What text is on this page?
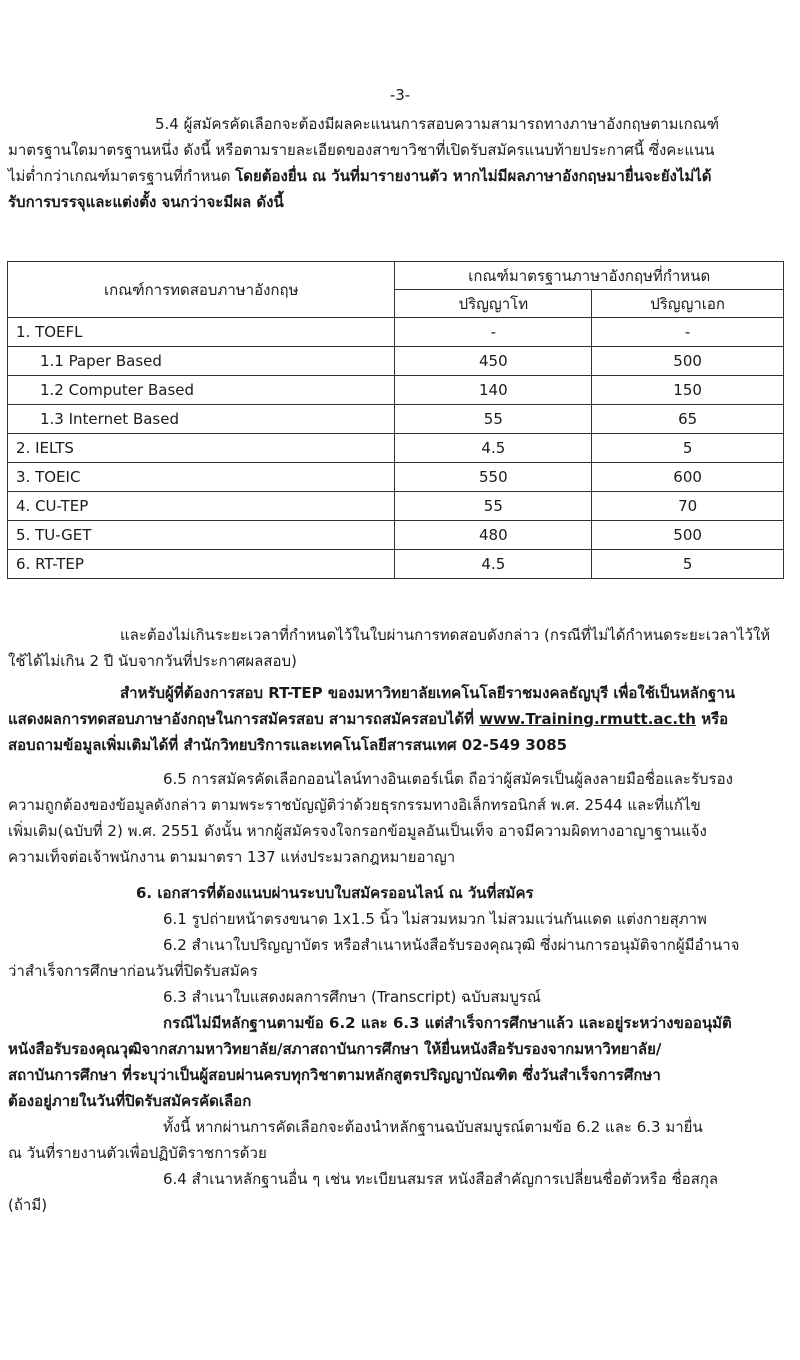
-3-
5.4 ผู้สมัครคัดเลือกจะต้องมีผลคะแนนการสอบความสามารถทางภาษาอังกฤษตามเกณฑ์
มาตรฐานใดมาตรฐานหนึ่ง ดังนี้ หรือตามรายละเอียดของสาขาวิชาที่เปิดรับสมัครแนบท้ายประกาศนี้ ซึ่งคะแนน
ไม่ต่ำกว่าเกณฑ์มาตรฐานที่กำหนด โดยต้องยื่น ณ วันที่มารายงานตัว หากไม่มีผลภาษาอังกฤษมายื่นจะยังไม่ได้
รับการบรรจุและแต่งตั้ง จนกว่าจะมีผล ดังนี้
เกณฑ์การทดสอบภาษาอังกฤษ	เกณฑ์มาตรฐานภาษาอังกฤษที่กำหนด	
	ปริญญาโท	ปริญญาเอก
1. TOEFL	-	-
1.1 Paper Based	450	500
1.2 Computer Based	140	150
1.3 Internet Based	55	65
2. IELTS	4.5	5
3. TOEIC	550	600
4. CU-TEP	55	70
5. TU-GET	480	500
6. RT-TEP	4.5	5
และต้องไม่เกินระยะเวลาที่กำหนดไว้ในใบผ่านการทดสอบดังกล่าว (กรณีที่ไม่ได้กำหนดระยะเวลาไว้ให้
ใช้ได้ไม่เกิน 2 ปี นับจากวันที่ประกาศผลสอบ)
สำหรับผู้ที่ต้องการสอบ RT-TEP ของมหาวิทยาลัยเทคโนโลยีราชมงคลธัญบุรี เพื่อใช้เป็นหลักฐาน
แสดงผลการทดสอบภาษาอังกฤษในการสมัครสอบ สามารถสมัครสอบได้ที่ www.Training.rmutt.ac.th หรือ
สอบถามข้อมูลเพิ่มเติมได้ที่ สำนักวิทยบริการและเทคโนโลยีสารสนเทศ 02-549 3085
6.5 การสมัครคัดเลือกออนไลน์ทางอินเตอร์เน็ต ถือว่าผู้สมัครเป็นผู้ลงลายมือชื่อและรับรอง
ความถูกต้องของข้อมูลดังกล่าว ตามพระราชบัญญัติว่าด้วยธุรกรรมทางอิเล็กทรอนิกส์ พ.ศ. 2544 และที่แก้ไข
เพิ่มเติม(ฉบับที่ 2) พ.ศ. 2551 ดังนั้น หากผู้สมัครจงใจกรอกข้อมูลอันเป็นเท็จ อาจมีความผิดทางอาญาฐานแจ้ง
ความเท็จต่อเจ้าพนักงาน ตามมาตรา 137 แห่งประมวลกฎหมายอาญา
6. เอกสารที่ต้องแนบผ่านระบบใบสมัครออนไลน์ ณ วันที่สมัคร
6.1 รูปถ่ายหน้าตรงขนาด 1x1.5 นิ้ว ไม่สวมหมวก ไม่สวมแว่นกันแดด แต่งกายสุภาพ
6.2 สำเนาใบปริญญาบัตร หรือสำเนาหนังสือรับรองคุณวุฒิ ซึ่งผ่านการอนุมัติจากผู้มีอำนาจ
ว่าสำเร็จการศึกษาก่อนวันที่ปิดรับสมัคร
6.3 สำเนาใบแสดงผลการศึกษา (Transcript) ฉบับสมบูรณ์
กรณีไม่มีหลักฐานตามข้อ 6.2 และ 6.3 แต่สำเร็จการศึกษาแล้ว และอยู่ระหว่างขออนุมัติ
หนังสือรับรองคุณวุฒิจากสภามหาวิทยาลัย/สภาสถาบันการศึกษา ให้ยื่นหนังสือรับรองจากมหาวิทยาลัย/
สถาบันการศึกษา ที่ระบุว่าเป็นผู้สอบผ่านครบทุกวิชาตามหลักสูตรปริญญาบัณฑิต ซึ่งวันสำเร็จการศึกษา
ต้องอยู่ภายในวันที่ปิดรับสมัครคัดเลือก
ทั้งนี้ หากผ่านการคัดเลือกจะต้องนำหลักฐานฉบับสมบูรณ์ตามข้อ 6.2 และ 6.3 มายื่น
ณ วันที่รายงานตัวเพื่อปฏิบัติราชการด้วย
6.4 สำเนาหลักฐานอื่น ๆ เช่น ทะเบียนสมรส หนังสือสำคัญการเปลี่ยนชื่อตัวหรือ ชื่อสกุล
(ถ้ามี)
